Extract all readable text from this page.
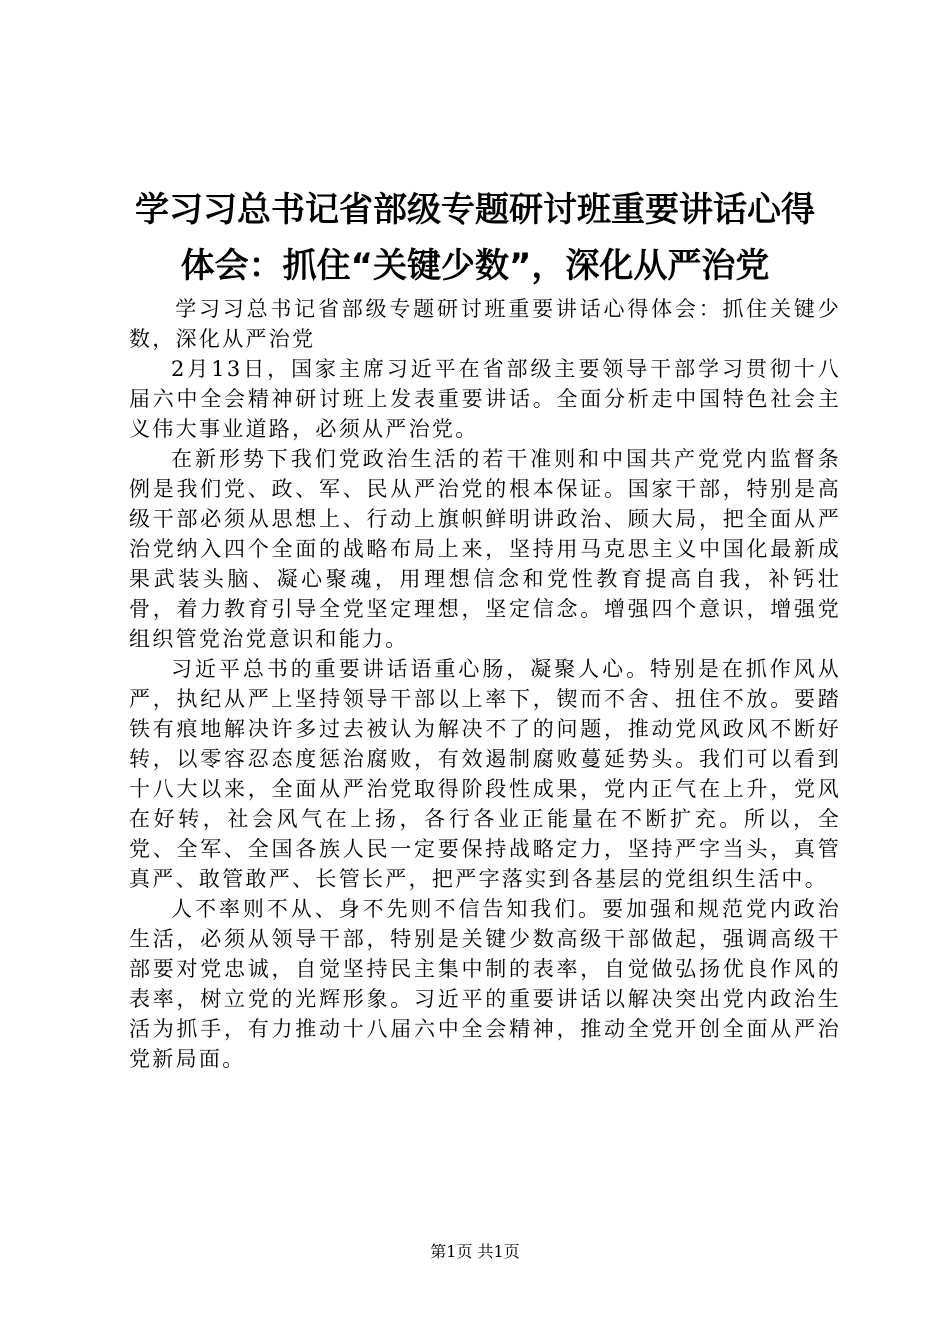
学习习总书记省部级专题研讨班重要讲话心得
体会：抓住“关键少数”，深化从严治党

学习习总书记省部级专题研讨班重要讲话心得体会：抓住关键少数，深化从严治党

2月13日，国家主席习近平在省部级主要领导干部学习贯彻十八届六中全会精神研讨班上发表重要讲话。全面分析走中国特色社会主义伟大事业道路，必须从严治党。

在新形势下我们党政治生活的若干准则和中国共产党党内监督条例是我们党、政、军、民从严治党的根本保证。国家干部，特别是高级干部必须从思想上、行动上旗帜鲜明讲政治、顾大局，把全面从严治党纳入四个全面的战略布局上来，坚持用马克思主义中国化最新成果武装头脑、凝心聚魂，用理想信念和党性教育提高自我，补钙壮骨，着力教育引导全党坚定理想，坚定信念。增强四个意识，增强党组织管党治党意识和能力。

习近平总书的重要讲话语重心肠，凝聚人心。特别是在抓作风从严，执纪从严上坚持领导干部以上率下，锲而不舍、扭住不放。要踏铁有痕地解决许多过去被认为解决不了的问题，推动党风政风不断好转，以零容忍态度惩治腐败，有效遏制腐败蔓延势头。我们可以看到十八大以来，全面从严治党取得阶段性成果，党内正气在上升，党风在好转，社会风气在上扬，各行各业正能量在不断扩充。所以，全党、全军、全国各族人民一定要保持战略定力，坚持严字当头，真管真严、敢管敢严、长管长严，把严字落实到各基层的党组织生活中。

人不率则不从、身不先则不信告知我们。要加强和规范党内政治生活，必须从领导干部，特别是关键少数高级干部做起，强调高级干部要对党忠诚，自觉坚持民主集中制的表率，自觉做弘扬优良作风的表率，树立党的光辉形象。习近平的重要讲话以解决突出党内政治生活为抓手，有力推动十八届六中全会精神，推动全党开创全面从严治党新局面。

第1页 共1页
